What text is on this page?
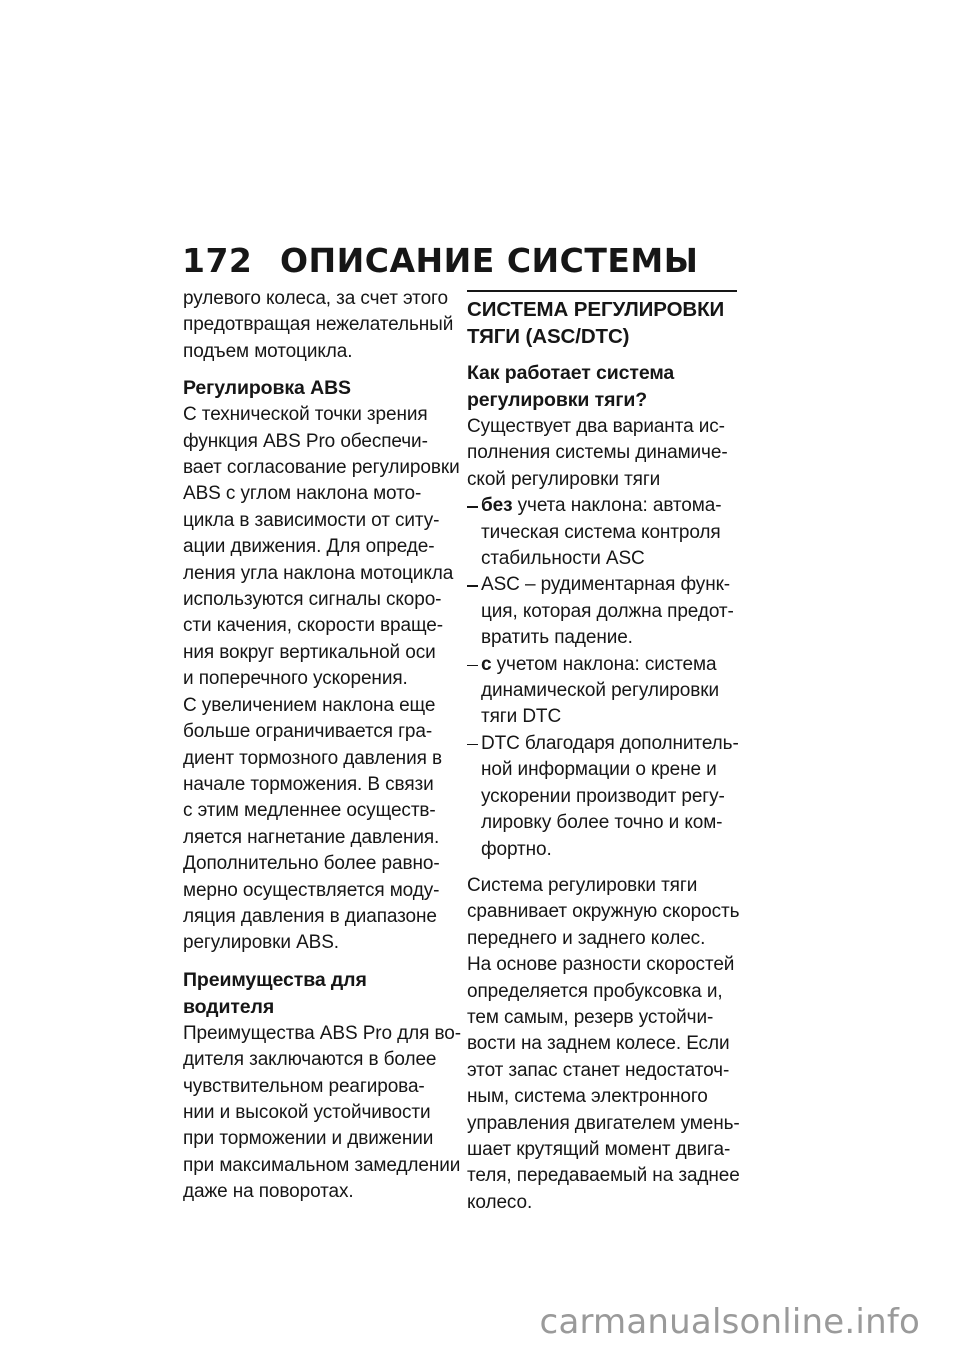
172 ОПИСАНИЕ СИСТЕМЫ

рулевого колеса, за счет этого
предотвращая нежелательный
подъем мотоцикла.

Регулировка ABS

С технической точки зрения
функция ABS Pro обеспечи-
вает согласование регулировки
ABS с углом наклона мото-
цикла в зависимости от ситу-
ации движения. Для опреде-
ления угла наклона мотоцикла
используются сигналы скоро-
сти качения, скорости враще-
ния вокруг вертикальной оси
и поперечного ускорения.

С увеличением наклона еще
больше ограничивается гра-
диент тормозного давления в
начале торможения. В связи
с этим медленнее осуществ-
ляется нагнетание давления.

Дополнительно более равно-
мерно осуществляется моду-
ляция давления в диапазоне
регулировки ABS.

Преимущества для
водителя

Преимущества ABS Pro для во-
дителя заключаются в более
чувствительном реагирова-
нии и высокой устойчивости
при торможении и движении
при максимальном замедлении
даже на поворотах.

СИСТЕМА РЕГУЛИРОВКИ
ТЯГИ (ASC/DTC)

Как работает система
регулировки тяги?

Существует два варианта ис-
полнения системы динамиче-
ской регулировки тяги

без учета наклона: автома-
тическая система контроля
стабильности ASC
ASC – рудиментарная функ-
ция, которая должна предот-
вратить падение.
с учетом наклона: система
динамической регулировки
тяги DTC
DTC благодаря дополнитель-
ной информации о крене и
ускорении производит регу-
лировку более точно и ком-
фортно.

Система регулировки тяги
сравнивает окружную скорость
переднего и заднего колес.

На основе разности скоростей
определяется пробуксовка и,
тем самым, резерв устойчи-
вости на заднем колесе. Если
этот запас станет недостаточ-
ным, система электронного
управления двигателем умень-
шает крутящий момент двига-
теля, передаваемый на заднее
колесо.

carmanualsonline.info
